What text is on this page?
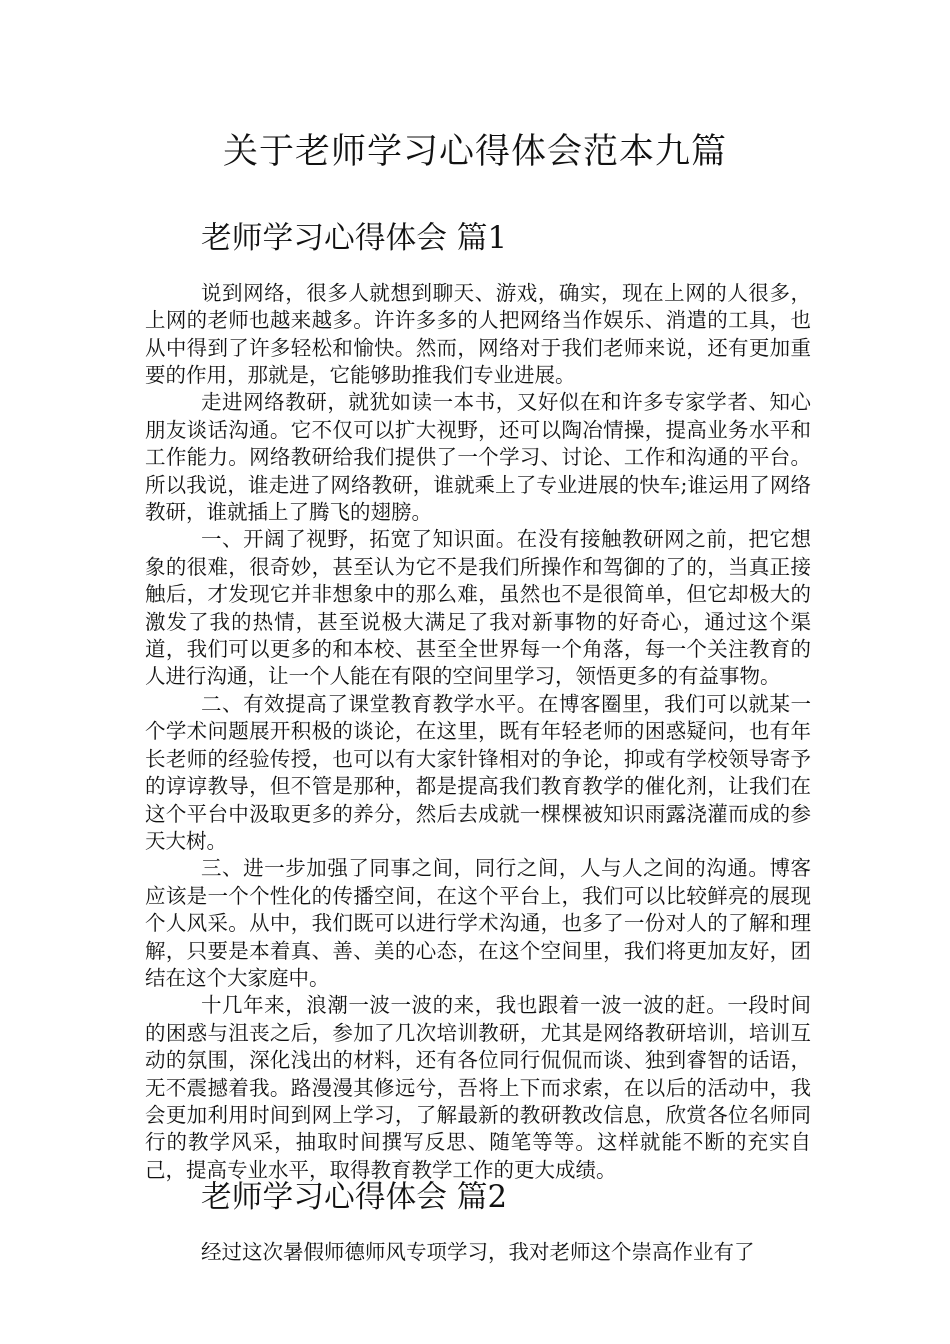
关于老师学习心得体会范本九篇
老师学习心得体会 篇1

说到网络，很多人就想到聊天、游戏，确实，现在上网的人很多，上网的老师也越来越多。许许多多的人把网络当作娱乐、消遣的工具，也从中得到了许多轻松和愉快。然而，网络对于我们老师来说，还有更加重要的作用，那就是，它能够助推我们专业进展。

走进网络教研，就犹如读一本书，又好似在和许多专家学者、知心朋友谈话沟通。它不仅可以扩大视野，还可以陶冶情操，提高业务水平和工作能力。网络教研给我们提供了一个学习、讨论、工作和沟通的平台。所以我说，谁走进了网络教研，谁就乘上了专业进展的快车;谁运用了网络教研，谁就插上了腾飞的翅膀。

一、开阔了视野，拓宽了知识面。在没有接触教研网之前，把它想象的很难，很奇妙，甚至认为它不是我们所操作和驾御的了的，当真正接触后，才发现它并非想象中的那么难，虽然也不是很简单，但它却极大的激发了我的热情，甚至说极大满足了我对新事物的好奇心，通过这个渠道，我们可以更多的和本校、甚至全世界每一个角落，每一个关注教育的人进行沟通，让一个人能在有限的空间里学习，领悟更多的有益事物。

二、有效提高了课堂教育教学水平。在博客圈里，我们可以就某一个学术问题展开积极的谈论，在这里，既有年轻老师的困惑疑问，也有年长老师的经验传授，也可以有大家针锋相对的争论，抑或有学校领导寄予的谆谆教导，但不管是那种，都是提高我们教育教学的催化剂，让我们在这个平台中汲取更多的养分，然后去成就一棵棵被知识雨露浇灌而成的参天大树。

三、进一步加强了同事之间，同行之间，人与人之间的沟通。博客应该是一个个性化的传播空间，在这个平台上，我们可以比较鲜亮的展现个人风采。从中，我们既可以进行学术沟通，也多了一份对人的了解和理解，只要是本着真、善、美的心态，在这个空间里，我们将更加友好，团结在这个大家庭中。

十几年来，浪潮一波一波的来，我也跟着一波一波的赶。一段时间的困惑与沮丧之后，参加了几次培训教研，尤其是网络教研培训，培训互动的氛围，深化浅出的材料，还有各位同行侃侃而谈、独到睿智的话语，无不震撼着我。路漫漫其修远兮，吾将上下而求索，在以后的活动中，我会更加利用时间到网上学习，了解最新的教研教改信息，欣赏各位名师同行的教学风采，抽取时间撰写反思、随笔等等。这样就能不断的充实自己，提高专业水平，取得教育教学工作的更大成绩。

老师学习心得体会 篇2

经过这次暑假师德师风专项学习，我对老师这个崇高作业有了
